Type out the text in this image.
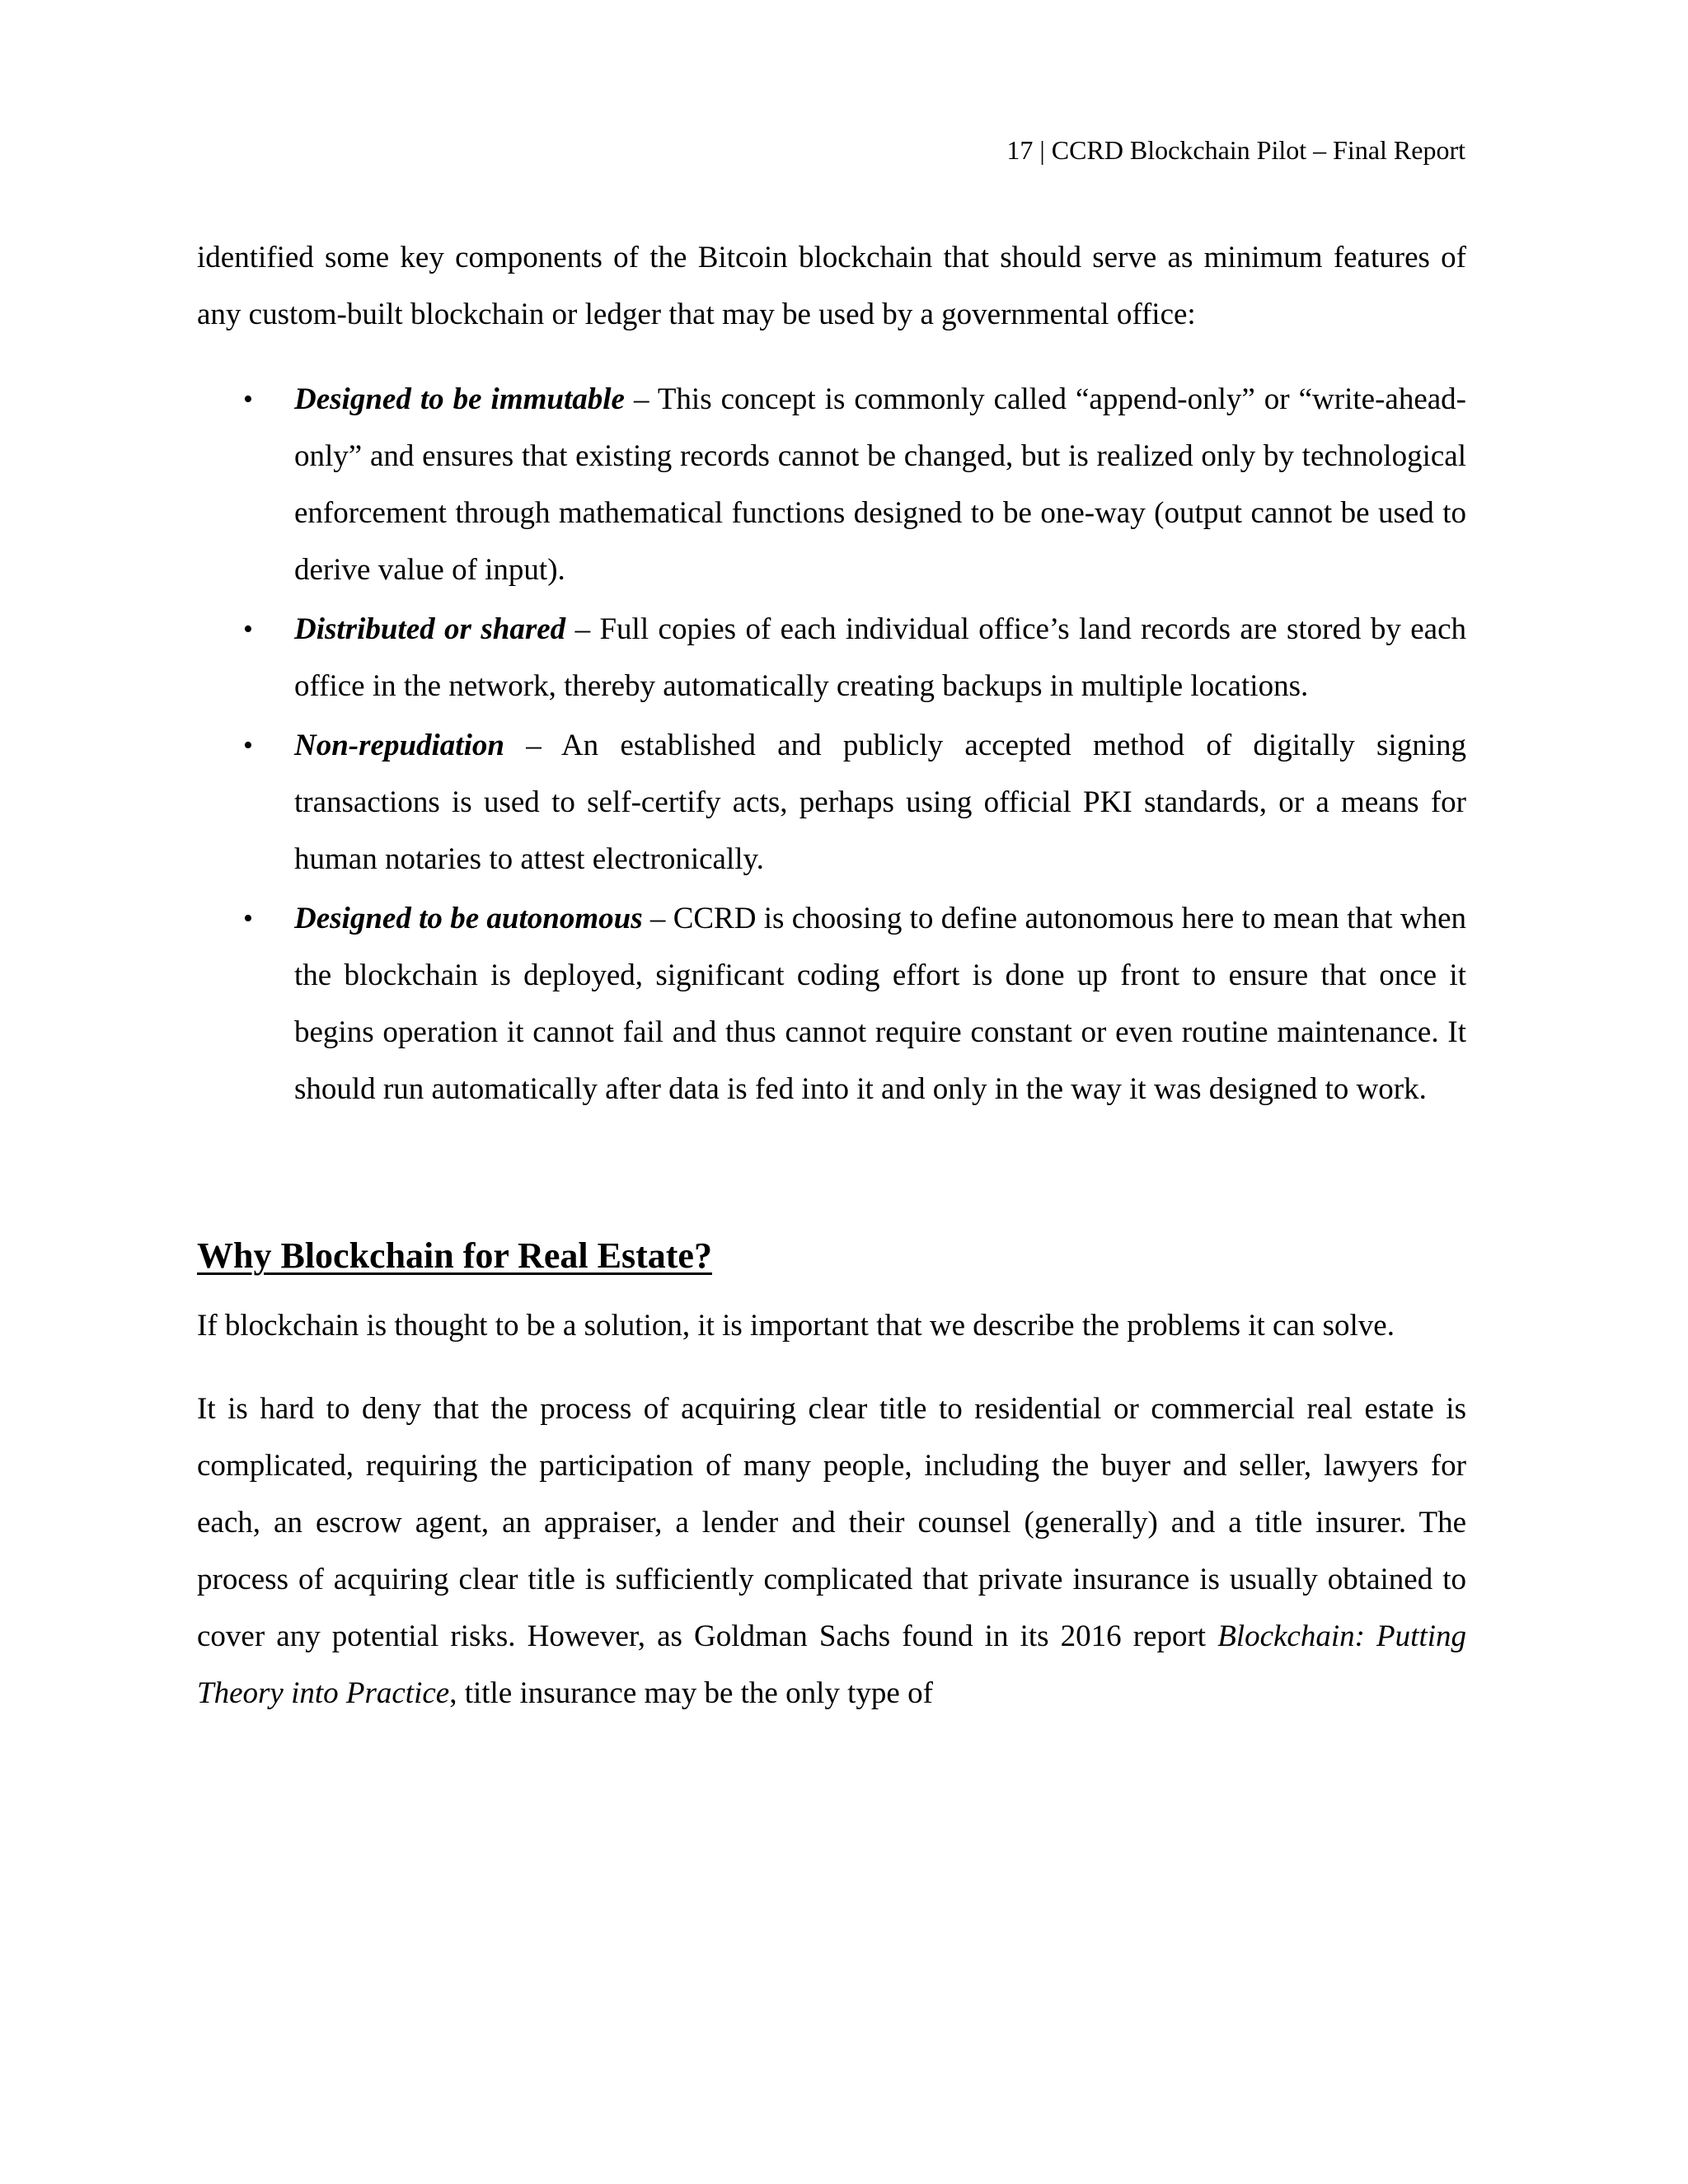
17 | CCRD Blockchain Pilot – Final Report

identified some key components of the Bitcoin blockchain that should serve as minimum features of any custom-built blockchain or ledger that may be used by a governmental office:

• Designed to be immutable – This concept is commonly called “append-only” or “write-ahead-only” and ensures that existing records cannot be changed, but is realized only by technological enforcement through mathematical functions designed to be one-way (output cannot be used to derive value of input).
• Distributed or shared – Full copies of each individual office’s land records are stored by each office in the network, thereby automatically creating backups in multiple locations.
• Non-repudiation – An established and publicly accepted method of digitally signing transactions is used to self-certify acts, perhaps using official PKI standards, or a means for human notaries to attest electronically.
• Designed to be autonomous – CCRD is choosing to define autonomous here to mean that when the blockchain is deployed, significant coding effort is done up front to ensure that once it begins operation it cannot fail and thus cannot require constant or even routine maintenance. It should run automatically after data is fed into it and only in the way it was designed to work.
Why Blockchain for Real Estate?

If blockchain is thought to be a solution, it is important that we describe the problems it can solve.

It is hard to deny that the process of acquiring clear title to residential or commercial real estate is complicated, requiring the participation of many people, including the buyer and seller, lawyers for each, an escrow agent, an appraiser, a lender and their counsel (generally) and a title insurer. The process of acquiring clear title is sufficiently complicated that private insurance is usually obtained to cover any potential risks. However, as Goldman Sachs found in its 2016 report Blockchain: Putting Theory into Practice, title insurance may be the only type of
